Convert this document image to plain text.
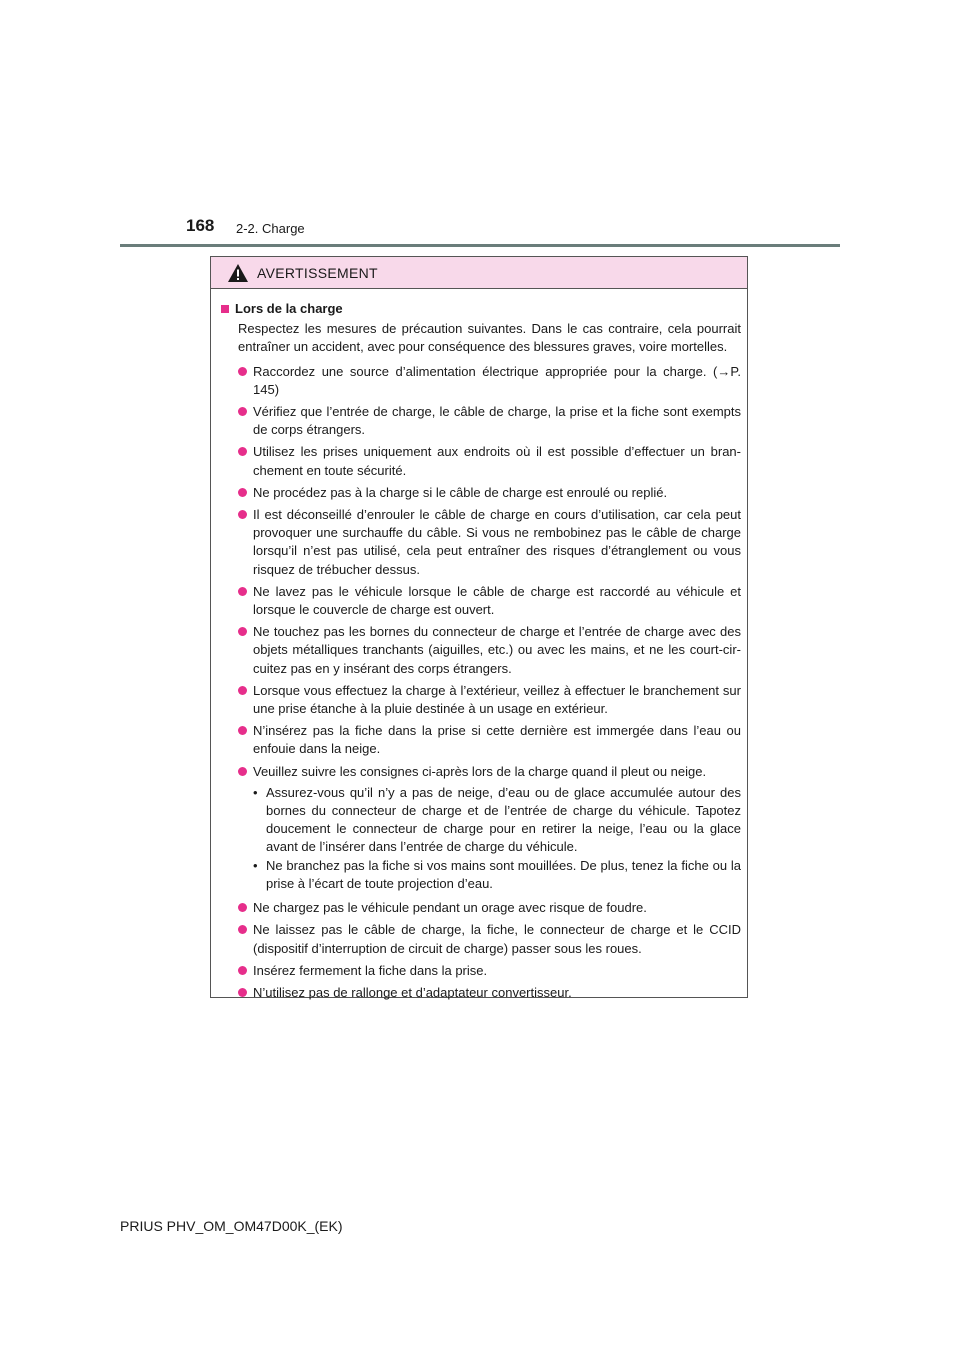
168 2-2. Charge
AVERTISSEMENT
Lors de la charge
Respectez les mesures de précaution suivantes. Dans le cas contraire, cela pourrait entraîner un accident, avec pour conséquence des blessures graves, voire mortelles.
Raccordez une source d’alimentation électrique appropriée pour la charge. (→P. 145)
Vérifiez que l’entrée de charge, le câble de charge, la prise et la fiche sont exempts de corps étrangers.
Utilisez les prises uniquement aux endroits où il est possible d’effectuer un branchement en toute sécurité.
Ne procédez pas à la charge si le câble de charge est enroulé ou replié.
Il est déconseillé d’enrouler le câble de charge en cours d’utilisation, car cela peut provoquer une surchauffe du câble. Si vous ne rembobinez pas le câble de charge lorsqu’il n’est pas utilisé, cela peut entraîner des risques d’étranglement ou vous risquez de trébucher dessus.
Ne lavez pas le véhicule lorsque le câble de charge est raccordé au véhicule et lorsque le couvercle de charge est ouvert.
Ne touchez pas les bornes du connecteur de charge et l’entrée de charge avec des objets métalliques tranchants (aiguilles, etc.) ou avec les mains, et ne les court-circuitez pas en y insérant des corps étrangers.
Lorsque vous effectuez la charge à l’extérieur, veillez à effectuer le branchement sur une prise étanche à la pluie destinée à un usage en extérieur.
N’insérez pas la fiche dans la prise si cette dernière est immergée dans l’eau ou enfouie dans la neige.
Veuillez suivre les consignes ci-après lors de la charge quand il pleut ou neige.
• Assurez-vous qu’il n’y a pas de neige, d’eau ou de glace accumulée autour des bornes du connecteur de charge et de l’entrée de charge du véhicule. Tapotez doucement le connecteur de charge pour en retirer la neige, l’eau ou la glace avant de l’insérer dans l’entrée de charge du véhicule.
• Ne branchez pas la fiche si vos mains sont mouillées. De plus, tenez la fiche ou la prise à l’écart de toute projection d’eau.
Ne chargez pas le véhicule pendant un orage avec risque de foudre.
Ne laissez pas le câble de charge, la fiche, le connecteur de charge et le CCID (dispositif d’interruption de circuit de charge) passer sous les roues.
Insérez fermement la fiche dans la prise.
N’utilisez pas de rallonge et d’adaptateur convertisseur.
PRIUS PHV_OM_OM47D00K_(EK)
